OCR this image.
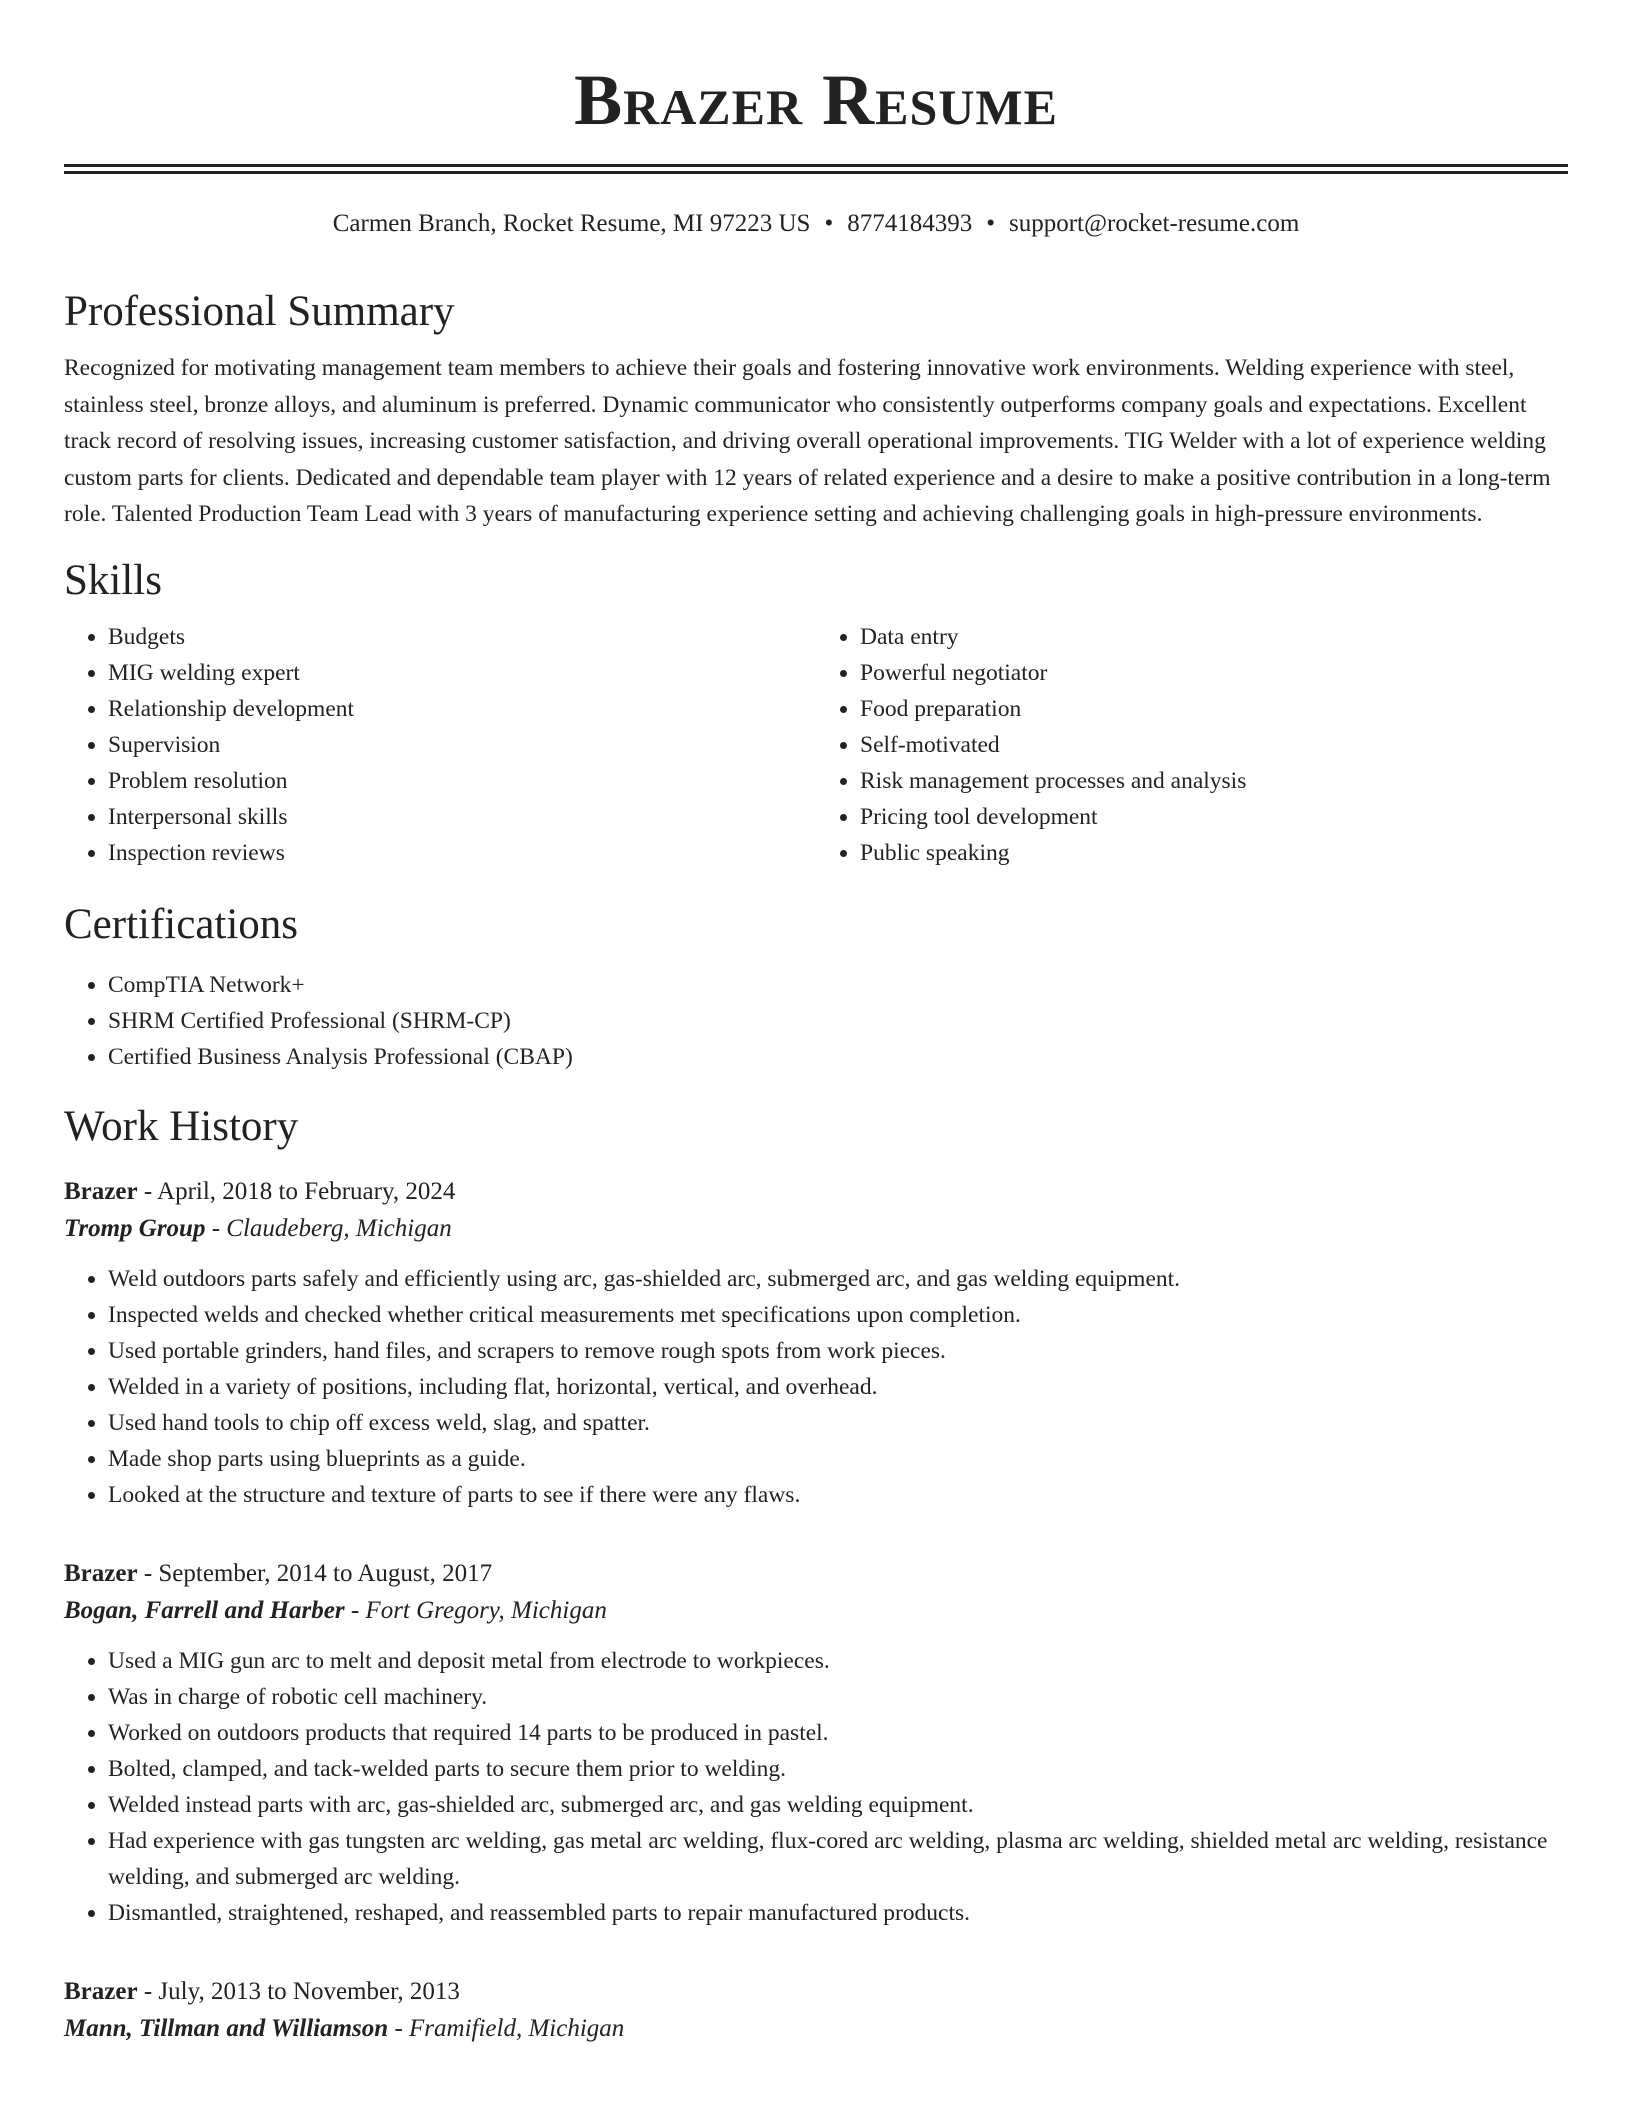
Brazer Resume
Carmen Branch, Rocket Resume, MI 97223 US • 8774184393 • support@rocket-resume.com
Professional Summary

Recognized for motivating management team members to achieve their goals and fostering innovative work environments. Welding experience with steel, stainless steel, bronze alloys, and aluminum is preferred. Dynamic communicator who consistently outperforms company goals and expectations. Excellent track record of resolving issues, increasing customer satisfaction, and driving overall operational improvements. TIG Welder with a lot of experience welding custom parts for clients. Dedicated and dependable team player with 12 years of related experience and a desire to make a positive contribution in a long-term role. Talented Production Team Lead with 3 years of manufacturing experience setting and achieving challenging goals in high-pressure environments.

Skills
• Budgets
• MIG welding expert
• Relationship development
• Supervision
• Problem resolution
• Interpersonal skills
• Inspection reviews
• Data entry
• Powerful negotiator
• Food preparation
• Self-motivated
• Risk management processes and analysis
• Pricing tool development
• Public speaking
Certifications
• CompTIA Network+
• SHRM Certified Professional (SHRM-CP)
• Certified Business Analysis Professional (CBAP)
Work History
Brazer - April, 2018 to February, 2024
Tromp Group - Claudeberg, Michigan
• Weld outdoors parts safely and efficiently using arc, gas-shielded arc, submerged arc, and gas welding equipment.
• Inspected welds and checked whether critical measurements met specifications upon completion.
• Used portable grinders, hand files, and scrapers to remove rough spots from work pieces.
• Welded in a variety of positions, including flat, horizontal, vertical, and overhead.
• Used hand tools to chip off excess weld, slag, and spatter.
• Made shop parts using blueprints as a guide.
• Looked at the structure and texture of parts to see if there were any flaws.
Brazer - September, 2014 to August, 2017
Bogan, Farrell and Harber - Fort Gregory, Michigan
• Used a MIG gun arc to melt and deposit metal from electrode to workpieces.
• Was in charge of robotic cell machinery.
• Worked on outdoors products that required 14 parts to be produced in pastel.
• Bolted, clamped, and tack-welded parts to secure them prior to welding.
• Welded instead parts with arc, gas-shielded arc, submerged arc, and gas welding equipment.
• Had experience with gas tungsten arc welding, gas metal arc welding, flux-cored arc welding, plasma arc welding, shielded metal arc welding, resistance welding, and submerged arc welding.
• Dismantled, straightened, reshaped, and reassembled parts to repair manufactured products.
Brazer - July, 2013 to November, 2013
Mann, Tillman and Williamson - Framifield, Michigan
